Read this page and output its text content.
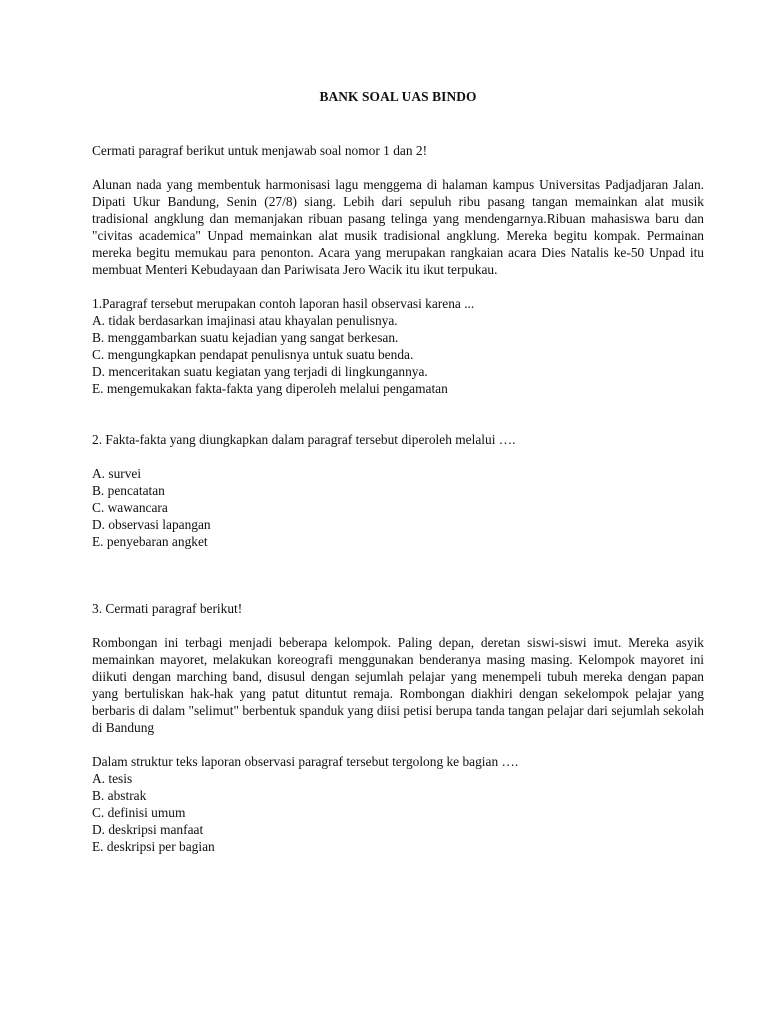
BANK SOAL UAS BINDO

Cermati paragraf berikut untuk menjawab soal nomor 1 dan 2!

Alunan nada yang membentuk harmonisasi lagu menggema di halaman kampus Universitas Padjadjaran Jalan. Dipati Ukur Bandung, Senin (27/8) siang. Lebih dari sepuluh ribu pasang tangan memainkan alat musik tradisional angklung dan memanjakan ribuan pasang telinga yang mendengarnya.Ribuan mahasiswa baru dan "civitas academica" Unpad memainkan alat musik tradisional angklung. Mereka begitu kompak. Permainan mereka begitu memukau para penonton. Acara yang merupakan rangkaian acara Dies Natalis ke-50 Unpad itu membuat Menteri Kebudayaan dan Pariwisata Jero Wacik itu ikut terpukau.

1.Paragraf tersebut merupakan contoh laporan hasil observasi karena ...

A. tidak berdasarkan imajinasi atau khayalan penulisnya.
B. menggambarkan suatu kejadian yang sangat berkesan.
C. mengungkapkan pendapat penulisnya untuk suatu benda.
D. menceritakan suatu kegiatan yang terjadi di lingkungannya.
E. mengemukakan fakta-fakta yang diperoleh melalui pengamatan

2. Fakta-fakta yang diungkapkan dalam paragraf tersebut diperoleh melalui ….

A. survei
B. pencatatan
C. wawancara
D. observasi lapangan
E. penyebaran angket

3. Cermati paragraf berikut!

Rombongan ini terbagi menjadi beberapa kelompok. Paling depan, deretan siswi-siswi imut. Mereka asyik memainkan mayoret, melakukan koreografi menggunakan benderanya masing masing. Kelompok mayoret ini diikuti dengan marching band, disusul dengan sejumlah pelajar yang menempeli tubuh mereka dengan papan yang bertuliskan hak-hak yang patut dituntut remaja. Rombongan diakhiri dengan sekelompok pelajar yang berbaris di dalam "selimut" berbentuk spanduk yang diisi petisi berupa tanda tangan pelajar dari sejumlah sekolah di Bandung

Dalam struktur teks laporan observasi paragraf tersebut tergolong ke bagian ….

A. tesis
B. abstrak
C. definisi umum
D. deskripsi manfaat
E. deskripsi per bagian
